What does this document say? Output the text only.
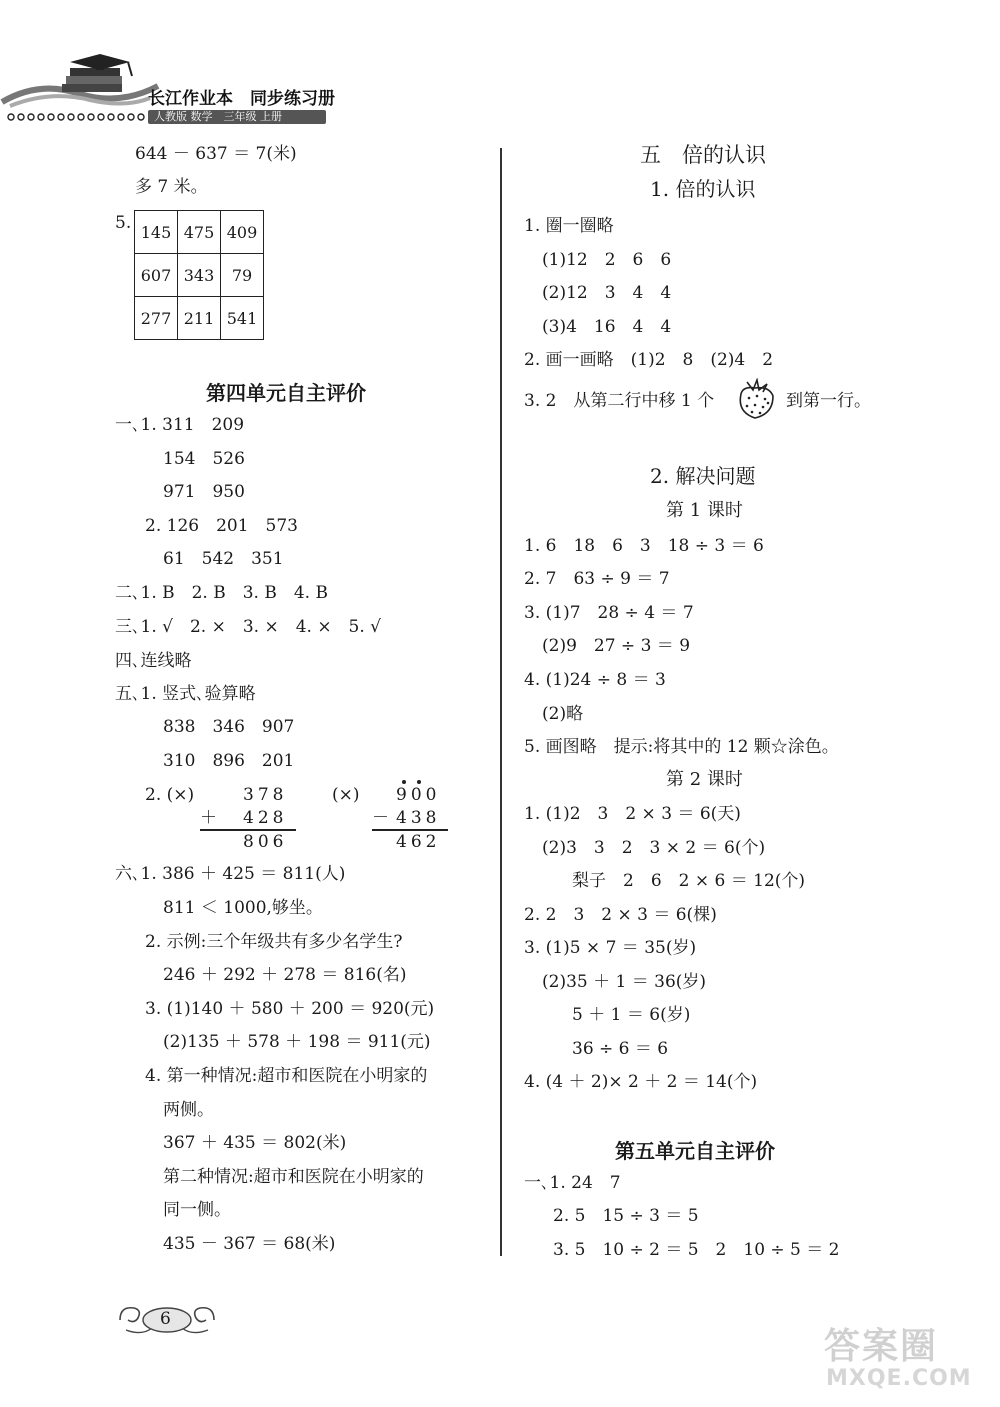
长江作业本　同步练习册
人教版 数学　三年级 上册
644 － 637 ＝ 7(米)
多 7 米。
5. 145	475	409
607	343	79
277	211	541
第四单元自主评价
一､1. 311　209
154　526
971　950
2. 126　201　573
61　542　351
二､1. B　2. B　3. B　4. B
三､1. √　2. ×　3. ×　4. ×　5. √
四､连线略
五､1. 竖式､验算略
838　346　907
310　896　201
2. (×)	378
＋ 428
806
(×) 900
－ 438
462
六､1. 386 ＋ 425 ＝ 811(人)
811 ＜ 1000,够坐。
2. 示例:三个年级共有多少名学生?
246 ＋ 292 ＋ 278 ＝ 816(名)
3. (1)140 ＋ 580 ＋ 200 ＝ 920(元)
(2)135 ＋ 578 ＋ 198 ＝ 911(元)
4. 第一种情况:超市和医院在小明家的
两侧。
367 ＋ 435 ＝ 802(米)
第二种情况:超市和医院在小明家的
同一侧。
435 － 367 ＝ 68(米)
五　倍的认识
1. 倍的认识
1. 圈一圈略
(1)12　2　6　6
(2)12　3　4　4
(3)4　16　4　4
2. 画一画略　(1)2　8　(2)4　2
3. 2　从第二行中移 1 个	到第一行。
2. 解决问题
第 1 课时
1. 6　18　6　3　18 ÷ 3 ＝ 6
2. 7　63 ÷ 9 ＝ 7
3. (1)7　28 ÷ 4 ＝ 7
(2)9　27 ÷ 3 ＝ 9
4. (1)24 ÷ 8 ＝ 3
(2)略
5. 画图略　提示:将其中的 12 颗☆涂色。
第 2 课时
1. (1)2　3　2 × 3 ＝ 6(天)
(2)3　3　2　3 × 2 ＝ 6(个)
梨子　2　6　2 × 6 ＝ 12(个)
2. 2　3　2 × 3 ＝ 6(棵)
3. (1)5 × 7 ＝ 35(岁)
(2)35 ＋ 1 ＝ 36(岁)
5 ＋ 1 ＝ 6(岁)
36 ÷ 6 ＝ 6
4. (4 ＋ 2)× 2 ＋ 2 ＝ 14(个)
第五单元自主评价
一､1. 24　7
2. 5　15 ÷ 3 ＝ 5
3. 5　10 ÷ 2 ＝ 5　2　10 ÷ 5 ＝ 2
6
答案圈
MXQE.COM
